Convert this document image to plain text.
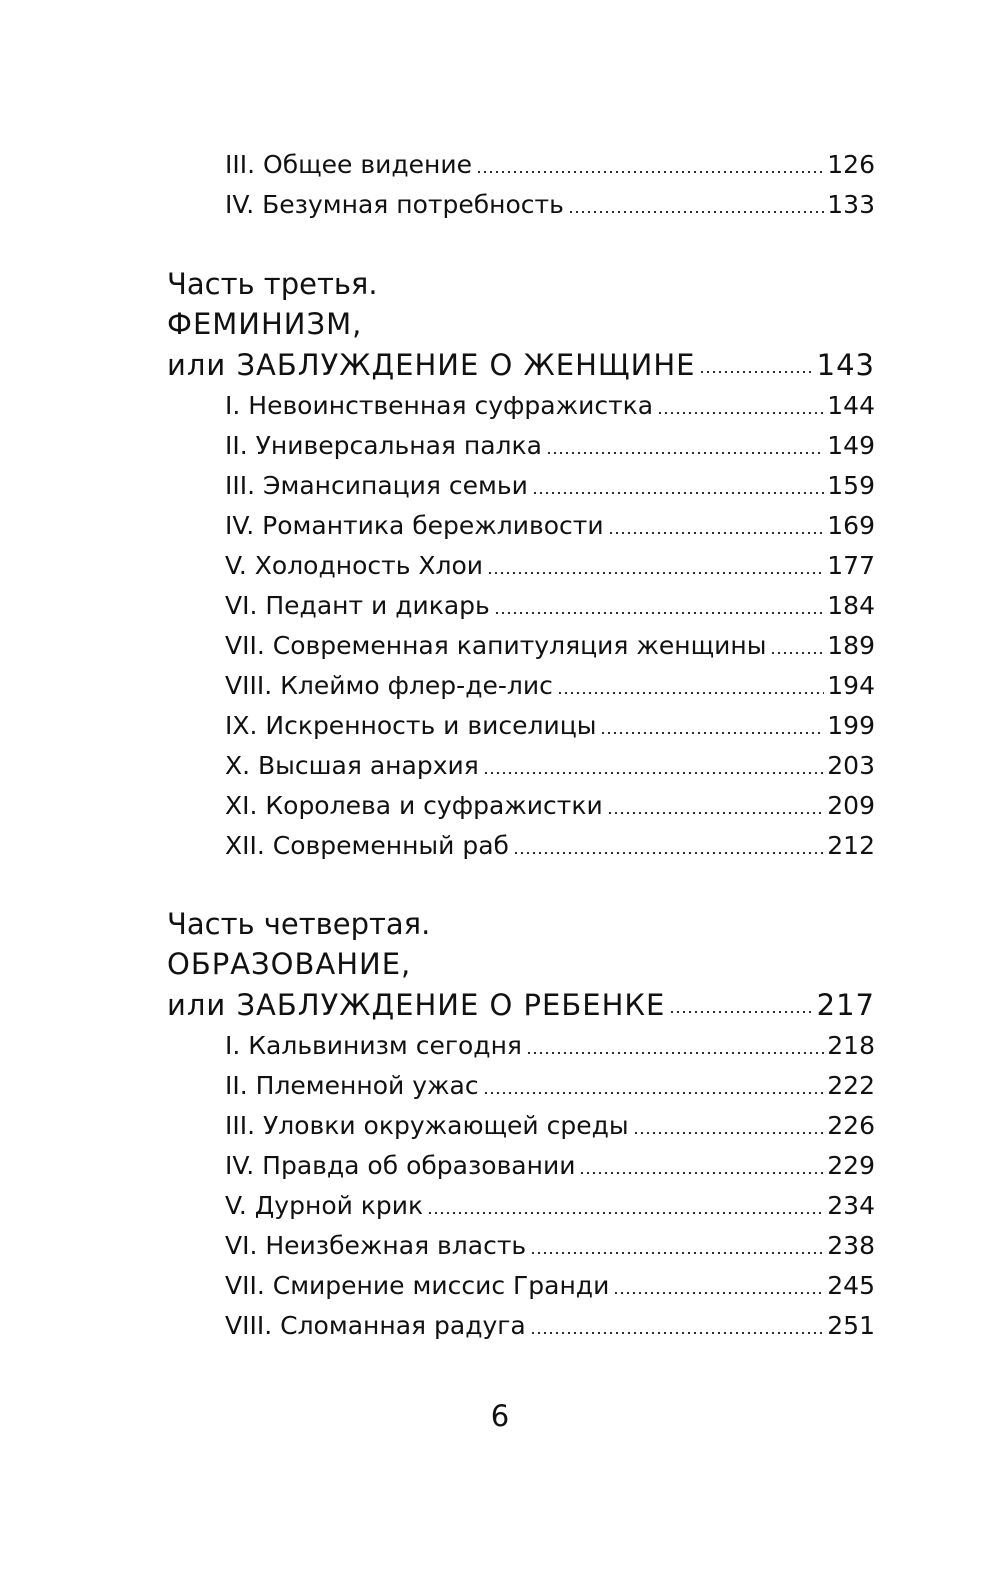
III. Общее видение	126
IV. Безумная потребность	133
Часть третья.
ФЕМИНИЗМ,
или ЗАБЛУЖДЕНИЕ О ЖЕНЩИНЕ	143
I. Невоинственная суфражистка	144
II. Универсальная палка	149
III. Эмансипация семьи	159
IV. Романтика бережливости	169
V. Холодность Хлои	177
VI. Педант и дикарь	184
VII. Современная капитуляция женщины 189
VIII. Клеймо флер-де-лис	194
IX. Искренность и виселицы	199
X. Высшая анархия	203
XI. Королева и суфражистки	209
XII. Современный раб	212
Часть четвертая.
ОБРАЗОВАНИЕ,
или ЗАБЛУЖДЕНИЕ О РЕБЕНКЕ	217
I. Кальвинизм сегодня	218
II. Племенной ужас	222
III. Уловки окружающей среды	226
IV. Правда об образовании	229
V. Дурной крик	234
VI. Неизбежная власть	238
VII. Смирение миссис Гранди	245
VIII. Сломанная радуга	251
6
